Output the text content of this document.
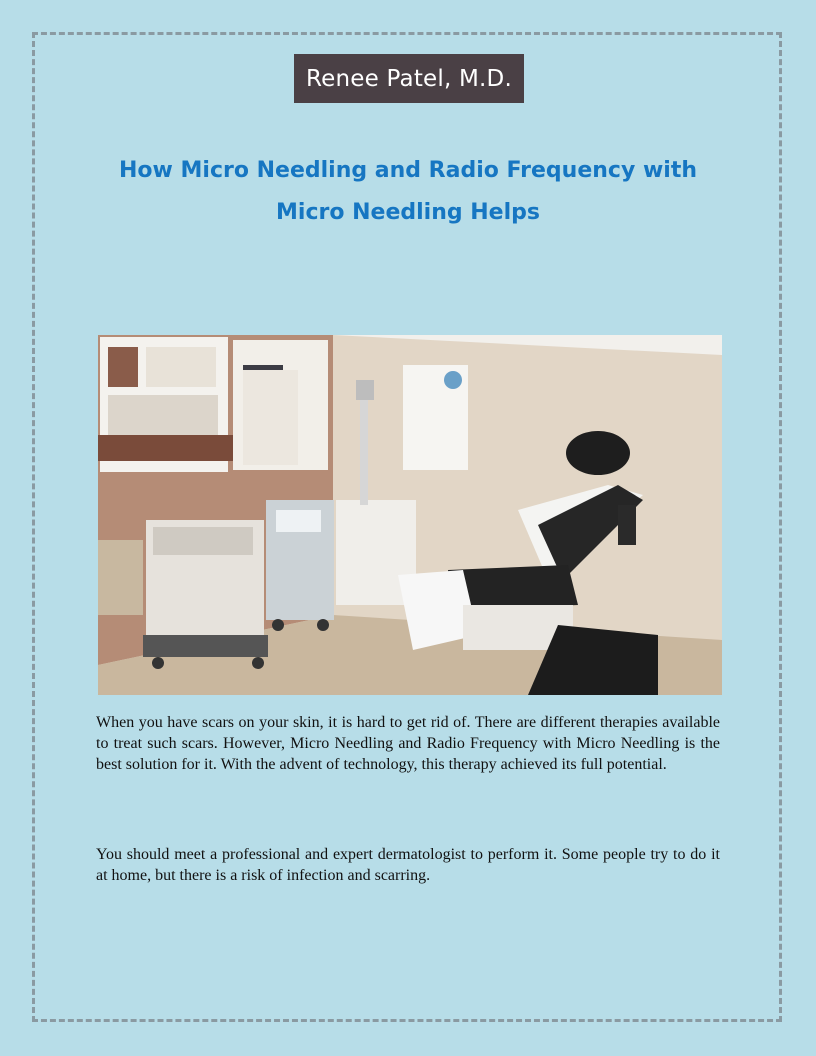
Renee Patel, M.D.
How Micro Needling and Radio Frequency with Micro Needling Helps

When you have scars on your skin, it is hard to get rid of. There are different therapies available to treat such scars. However, Micro Needling and Radio Frequency with Micro Needling is the best solution for it. With the advent of technology, this therapy achieved its full potential.

You should meet a professional and expert dermatologist to perform it. Some people try to do it at home, but there is a risk of infection and scarring.
